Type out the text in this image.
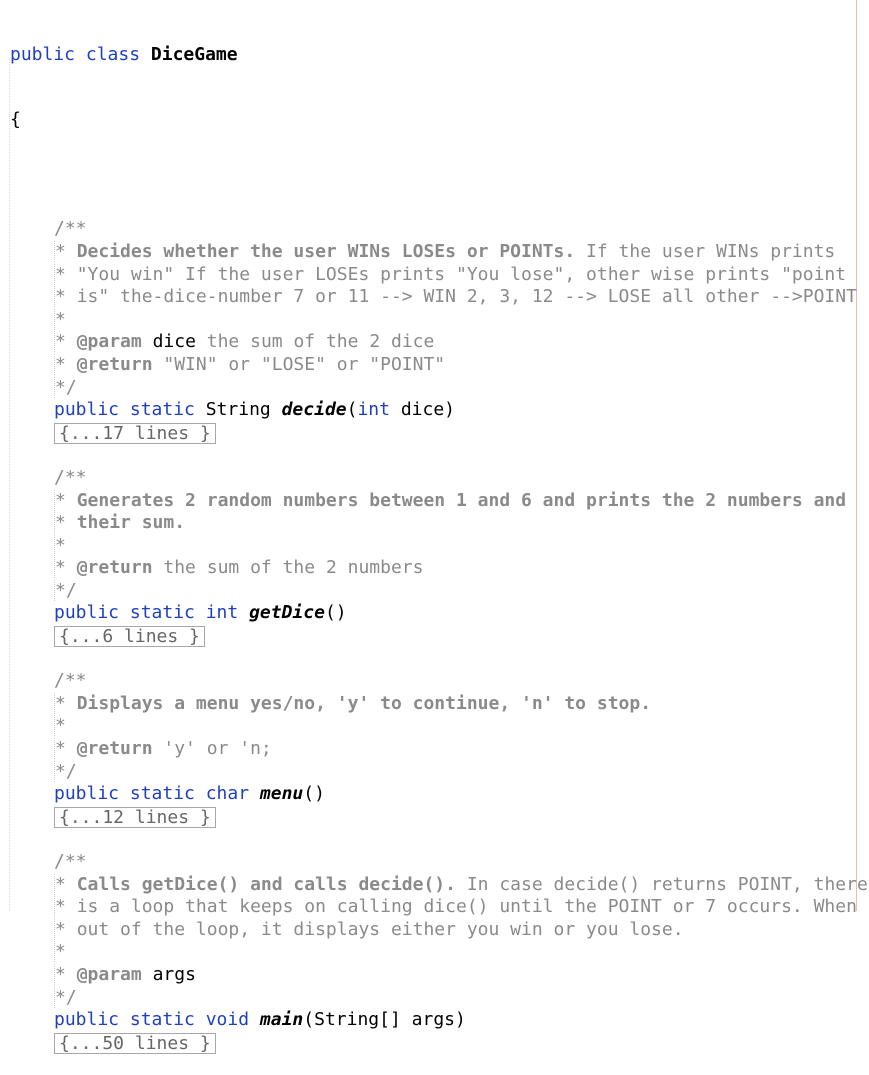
public class DiceGame

{

/**
* Decides whether the user WINs LOSEs or POINTs. If the user WINs prints
* "You win" If the user LOSEs prints "You lose", other wise prints "point
* is" the-dice-number 7 or 11 --> WIN 2, 3, 12 --> LOSE all other -->POINT
*
* @param dice the sum of the 2 dice
* @return "WIN" or "LOSE" or "POINT"
*/
public static String decide(int dice)
{...17 lines }
/**
* Generates 2 random numbers between 1 and 6 and prints the 2 numbers and
* their sum.
*
* @return the sum of the 2 numbers
*/
public static int getDice()
{...6 lines }
/**
* Displays a menu yes/no, 'y' to continue, 'n' to stop.
*
* @return 'y' or 'n;
*/
public static char menu()
{...12 lines }
/**
* Calls getDice() and calls decide(). In case decide() returns POINT, there
* is a loop that keeps on calling dice() until the POINT or 7 occurs. When
* out of the loop, it displays either you win or you lose.
*
* @param args
*/
public static void main(String[] args)
{...50 lines }
